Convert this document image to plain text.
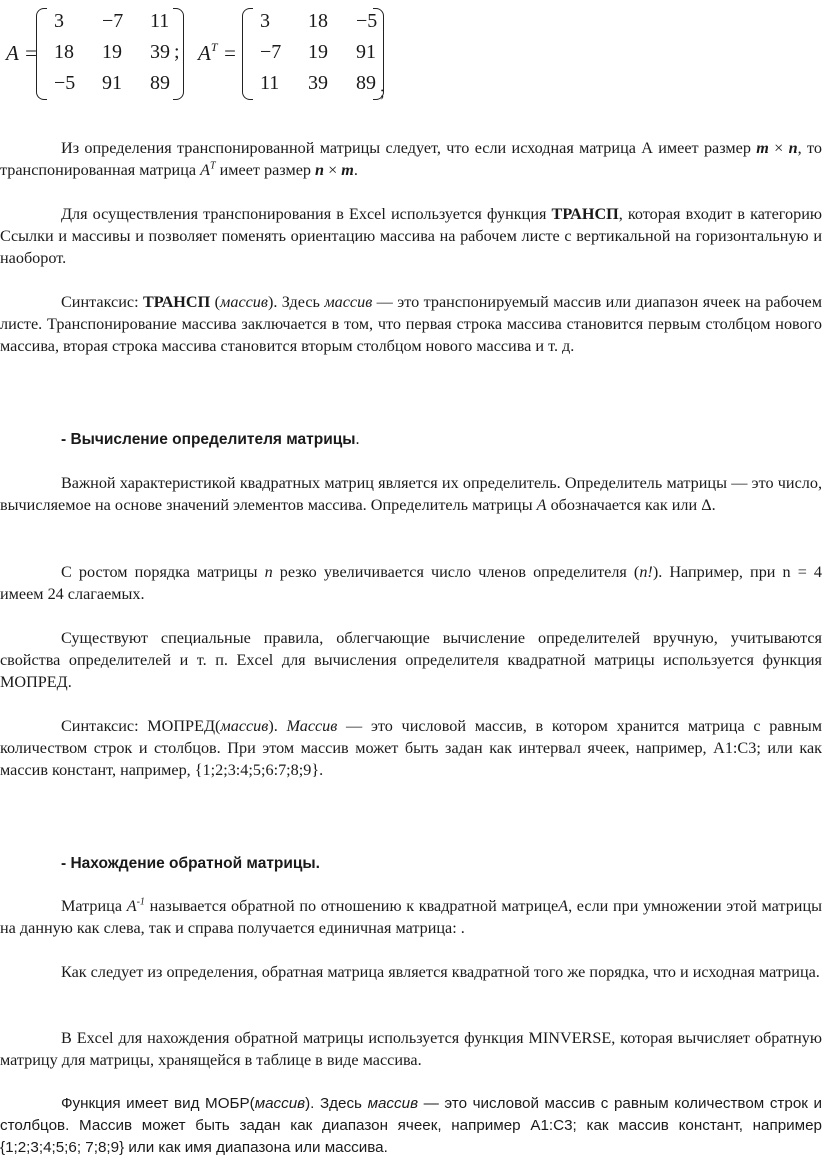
A =
3	−7	11
18	19	39
−5	91	89
; $A^T$ =
3	18	−5
−7	19	91
11	39	89 ;

Из определения транспонированной матрицы следует, что если исходная матрица А имеет размер m × n, то транспонированная матрица $A^T$ имеет размер n × m.

Для осуществления транспонирования в Excel используется функция ТРАНСП, которая входит в категорию Ссылки и массивы и позволяет поменять ориентацию массива на рабочем листе с вертикальной на горизонтальную и наоборот.

Синтаксис: ТРАНСП (массив). Здесь массив — это транспонируемый массив или диапазон ячеек на рабочем листе. Транспонирование массива заключается в том, что первая строка массива становится первым столбцом нового массива, вторая строка массива становится вторым столбцом нового массива и т. д.

- Вычисление определителя матрицы.

Важной характеристикой квадратных матриц является их определитель. Определитель матрицы — это число, вычисляемое на основе значений элементов массива. Определитель матрицы A обозначается как или Δ.

С ростом порядка матрицы n резко увеличивается число членов определителя (n!). Например, при n = 4 имеем 24 слагаемых.

Существуют специальные правила, облегчающие вычисление определителей вручную, учитываются свойства определителей и т. п. Excel для вычисления определителя квадратной матрицы используется функция МОПРЕД.

Синтаксис: МОПРЕД(массив). Массив — это числовой массив, в котором хранится матрица с равным количеством строк и столбцов. При этом массив может быть задан как интервал ячеек, например, А1:С3; или как массив констант, например, {1;2;3:4;5;6:7;8;9}.

- Нахождение обратной матрицы.

Матрица $A^{-1}$ называется обратной по отношению к квадратной матрицеA, если при умножении этой матрицы на данную как слева, так и справа получается единичная матрица: .

Как следует из определения, обратная матрица является квадратной того же порядка, что и исходная матрица.

В Excel для нахождения обратной матрицы используется функция MINVERSE, которая вычисляет обратную матрицу для матрицы, хранящейся в таблице в виде массива.

Функция имеет вид МОБР(массив). Здесь массив — это числовой массив с равным количеством строк и столбцов. Массив может быть задан как диапазон ячеек, например А1:С3; как массив констант, например {1;2;3;4;5;6; 7;8;9} или как имя диапазона или массива.
